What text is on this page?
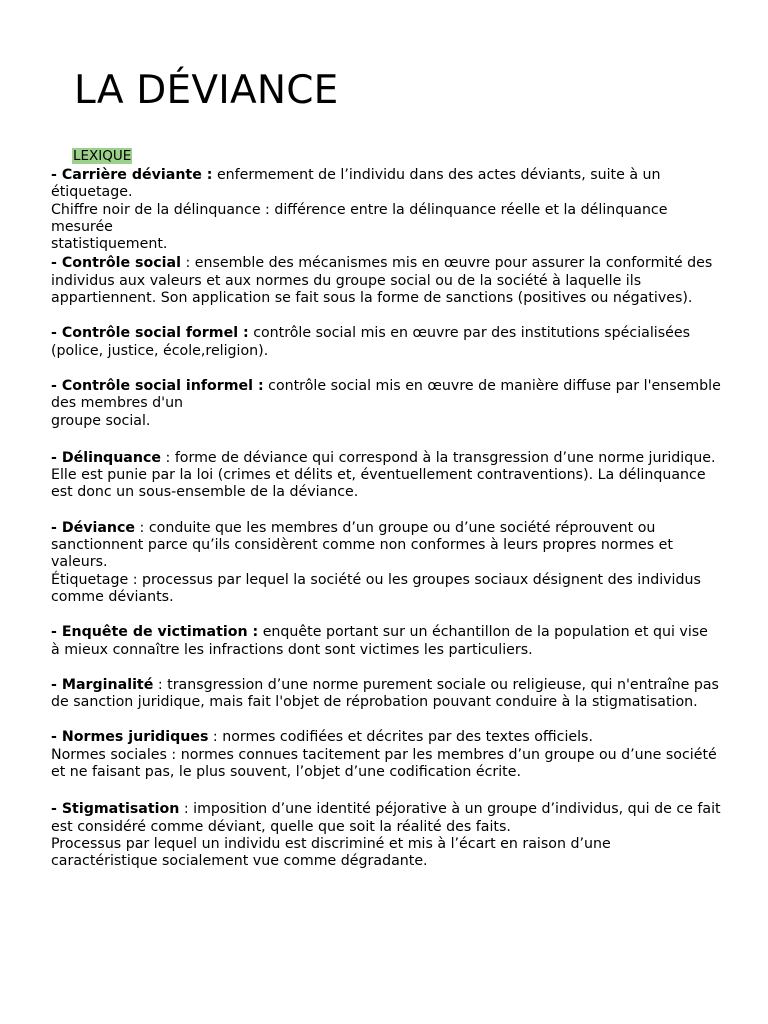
LA DÉVIANCE
LEXIQUE

- Carrière déviante : enfermement de l’individu dans des actes déviants, suite à un étiquetage.
Chiffre noir de la délinquance : différence entre la délinquance réelle et la délinquance mesurée
statistiquement.

- Contrôle social : ensemble des mécanismes mis en œuvre pour assurer la conformité des individus aux valeurs et aux normes du groupe social ou de la société à laquelle ils appartiennent. Son application se fait sous la forme de sanctions (positives ou négatives).

- Contrôle social formel : contrôle social mis en œuvre par des institutions spécialisées (police, justice, école,religion).

- Contrôle social informel : contrôle social mis en œuvre de manière diffuse par l'ensemble des membres d'un
groupe social.

- Délinquance : forme de déviance qui correspond à la transgression d’une norme juridique. Elle est punie par la loi (crimes et délits et, éventuellement contraventions). La délinquance est donc un sous-ensemble de la déviance.

- Déviance : conduite que les membres d’un groupe ou d’une société réprouvent ou sanctionnent parce qu’ils considèrent comme non conformes à leurs propres normes et valeurs.
Étiquetage : processus par lequel la société ou les groupes sociaux désignent des individus comme déviants.

- Enquête de victimation : enquête portant sur un échantillon de la population et qui vise à mieux connaître les infractions dont sont victimes les particuliers.

- Marginalité : transgression d’une norme purement sociale ou religieuse, qui n'entraîne pas de sanction juridique, mais fait l'objet de réprobation pouvant conduire à la stigmatisation.

- Normes juridiques : normes codifiées et décrites par des textes officiels.
Normes sociales : normes connues tacitement par les membres d’un groupe ou d’une société et ne faisant pas, le plus souvent, l’objet d’une codification écrite.

- Stigmatisation : imposition d’une identité péjorative à un groupe d’individus, qui de ce fait est considéré comme déviant, quelle que soit la réalité des faits.
Processus par lequel un individu est discriminé et mis à l’écart en raison d’une caractéristique socialement vue comme dégradante.
